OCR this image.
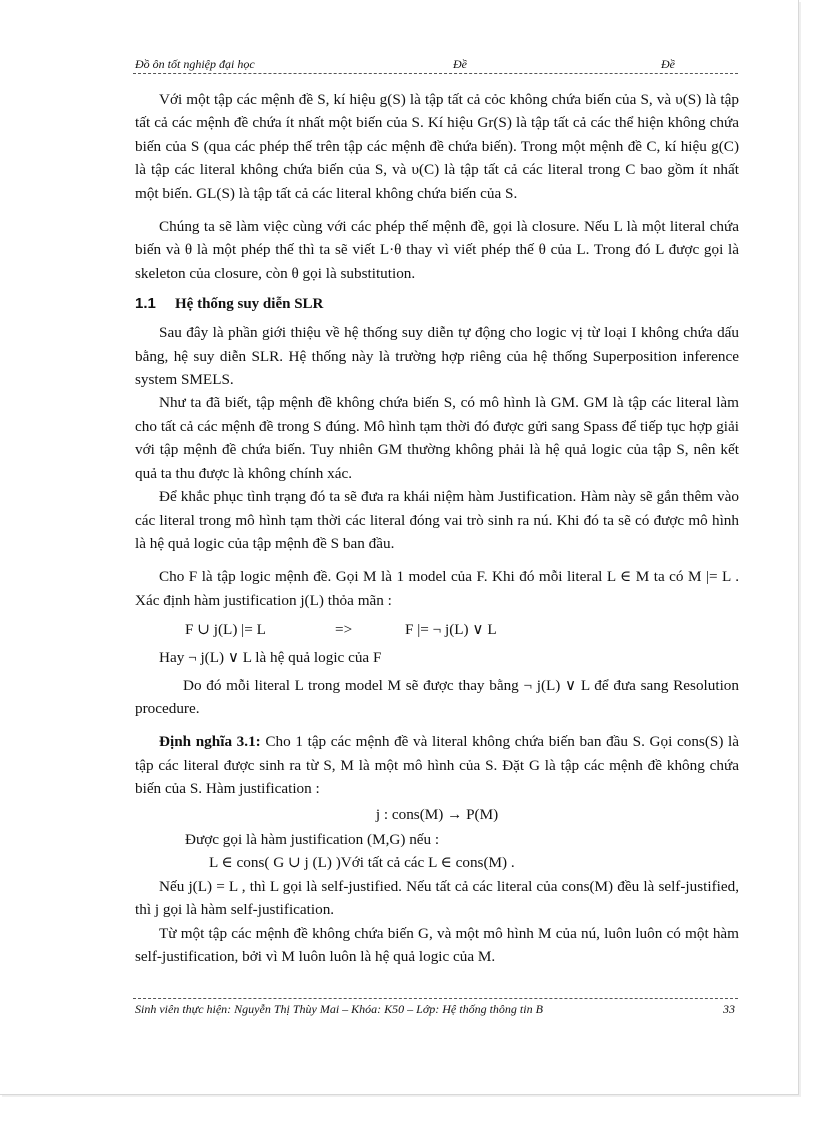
Đồ ôn tốt nghiệp đại học	Đề	Đề

Với một tập các mệnh đề S, kí hiệu g(S) là tập tất cả cỏc không chứa biến của S, và υ(S) là tập tất cả các mệnh đề chứa ít nhất một biến của S. Kí hiệu Gr(S) là tập tất cả các thể hiện không chứa biến của S (qua các phép thế trên tập các mệnh đề chứa biến). Trong một mệnh đề C, kí hiệu g(C) là tập các literal không chứa biến của S, và υ(C) là tập tất cả các literal trong C bao gồm ít nhất một biến. GL(S) là tập tất cả các literal không chứa biến của S.

Chúng ta sẽ làm việc cùng với các phép thế mệnh đề, gọi là closure. Nếu L là một literal chứa biến và θ là một phép thế thì ta sẽ viết L·θ thay vì viết phép thế θ của L. Trong đó L được gọi là skeleton của closure, còn θ gọi là substitution.

1.1 Hệ thống suy diễn SLR

Sau đây là phần giới thiệu về hệ thống suy diễn tự động cho logic vị từ loại I không chứa dấu bằng, hệ suy diễn SLR. Hệ thống này là trường hợp riêng của hệ thống Superposition inference system SMELS.

Như ta đã biết, tập mệnh đề không chứa biến S, có mô hình là GM. GM là tập các literal làm cho tất cả các mệnh đề trong S đúng. Mô hình tạm thời đó được gửi sang Spass để tiếp tục hợp giải với tập mệnh đề chứa biến. Tuy nhiên GM thường không phải là hệ quả logic của tập S, nên kết quả ta thu được là không chính xác.

Để khắc phục tình trạng đó ta sẽ đưa ra khái niệm hàm Justification. Hàm này sẽ gắn thêm vào các literal trong mô hình tạm thời các literal đóng vai trò sinh ra nú. Khi đó ta sẽ có được mô hình là hệ quả logic của tập mệnh đề S ban đầu.

Cho F là tập logic mệnh đề. Gọi M là 1 model của F. Khi đó mỗi literal L ∈ M ta có M |= L . Xác định hàm justification j(L) thỏa mãn :

F ∪ j(L) |= L	=>	F |= ¬ j(L) ∨ L

Hay ¬ j(L) ∨ L là hệ quả logic của F

Do đó mỗi literal L trong model M sẽ được thay bằng ¬ j(L) ∨ L để đưa sang Resolution procedure.

Định nghĩa 3.1: Cho 1 tập các mệnh đề và literal không chứa biến ban đầu S. Gọi cons(S) là tập các literal được sinh ra từ S, M là một mô hình của S. Đặt G là tập các mệnh đề không chứa biến của S. Hàm justification :

j : cons(M) → P(M)

Được gọi là hàm justification (M,G) nếu :

L ∈ cons( G ∪ j (L) )Với tất cả các L ∈ cons(M) .

Nếu j(L) = L , thì L gọi là self-justified. Nếu tất cả các literal của cons(M) đều là self-justified, thì j gọi là hàm self-justification.

Từ một tập các mệnh đề không chứa biến G, và một mô hình M của nú, luôn luôn có một hàm self-justification, bởi vì M luôn luôn là hệ quả logic của M.

Sinh viên thực hiện: Nguyễn Thị Thùy Mai – Khóa: K50 – Lớp: Hệ thống thông tin B	33
